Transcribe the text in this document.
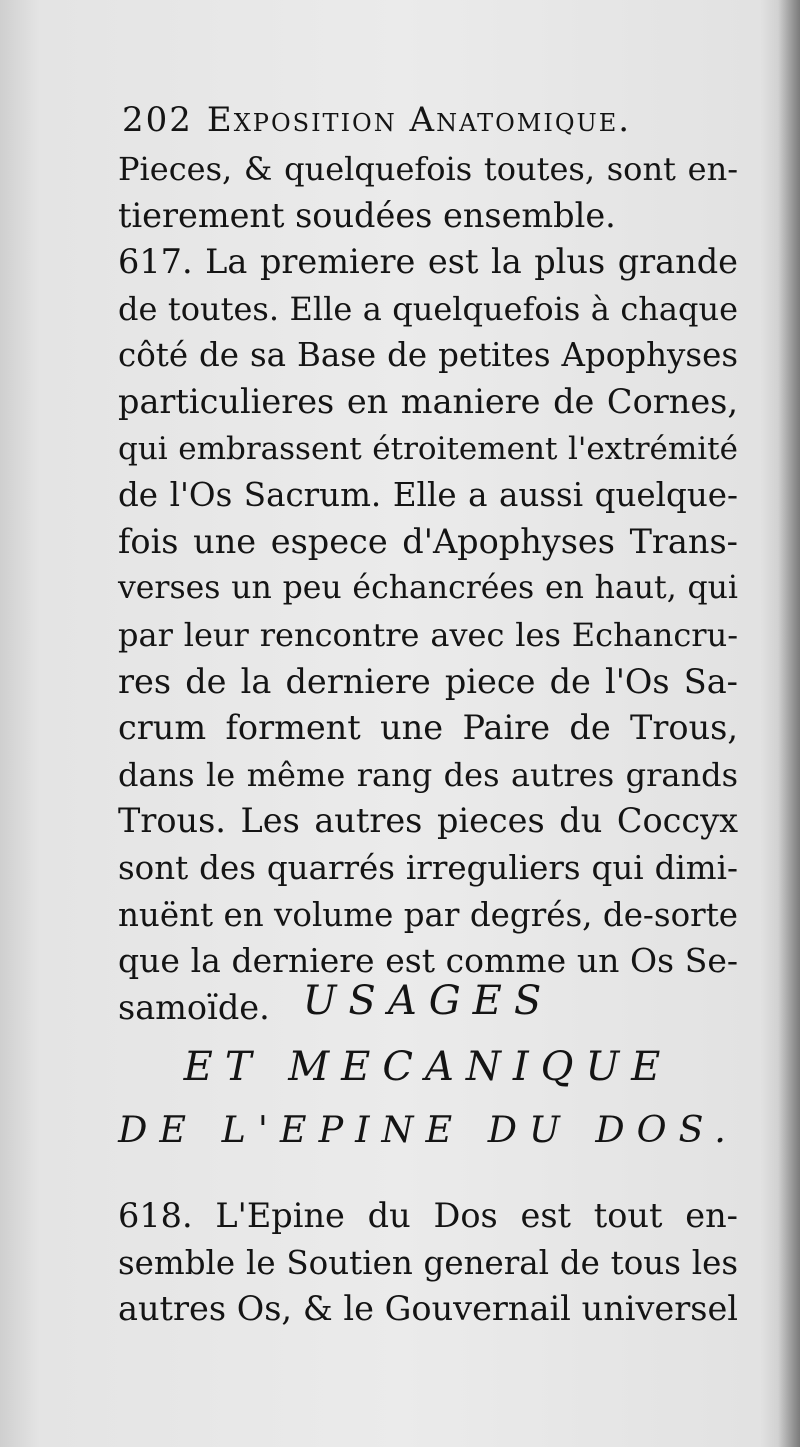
202 Exposition Anatomique.
Pieces, & quelquefois toutes, sont en-
tierement soudées ensemble.
617. La premiere est la plus grande
de toutes. Elle a quelquefois à chaque
côté de sa Base de petites Apophyses
particulieres en maniere de Cornes,
qui embrassent étroitement l'extrémité
de l'Os Sacrum. Elle a aussi quelque-
fois une espece d'Apophyses Trans-
verses un peu échancrées en haut, qui
par leur rencontre avec les Echancru-
res de la derniere piece de l'Os Sa-
crum forment une Paire de Trous,
dans le même rang des autres grands
Trous. Les autres pieces du Coccyx
sont des quarrés irreguliers qui dimi-
nuënt en volume par degrés, de-sorte
que la derniere est comme un Os Se-
samoïde. USAGES
ET MECANIQUE
DE L'EPINE DU DOS.
618. L'Epine du Dos est tout en-
semble le Soutien general de tous les
autres Os, & le Gouvernail universel
